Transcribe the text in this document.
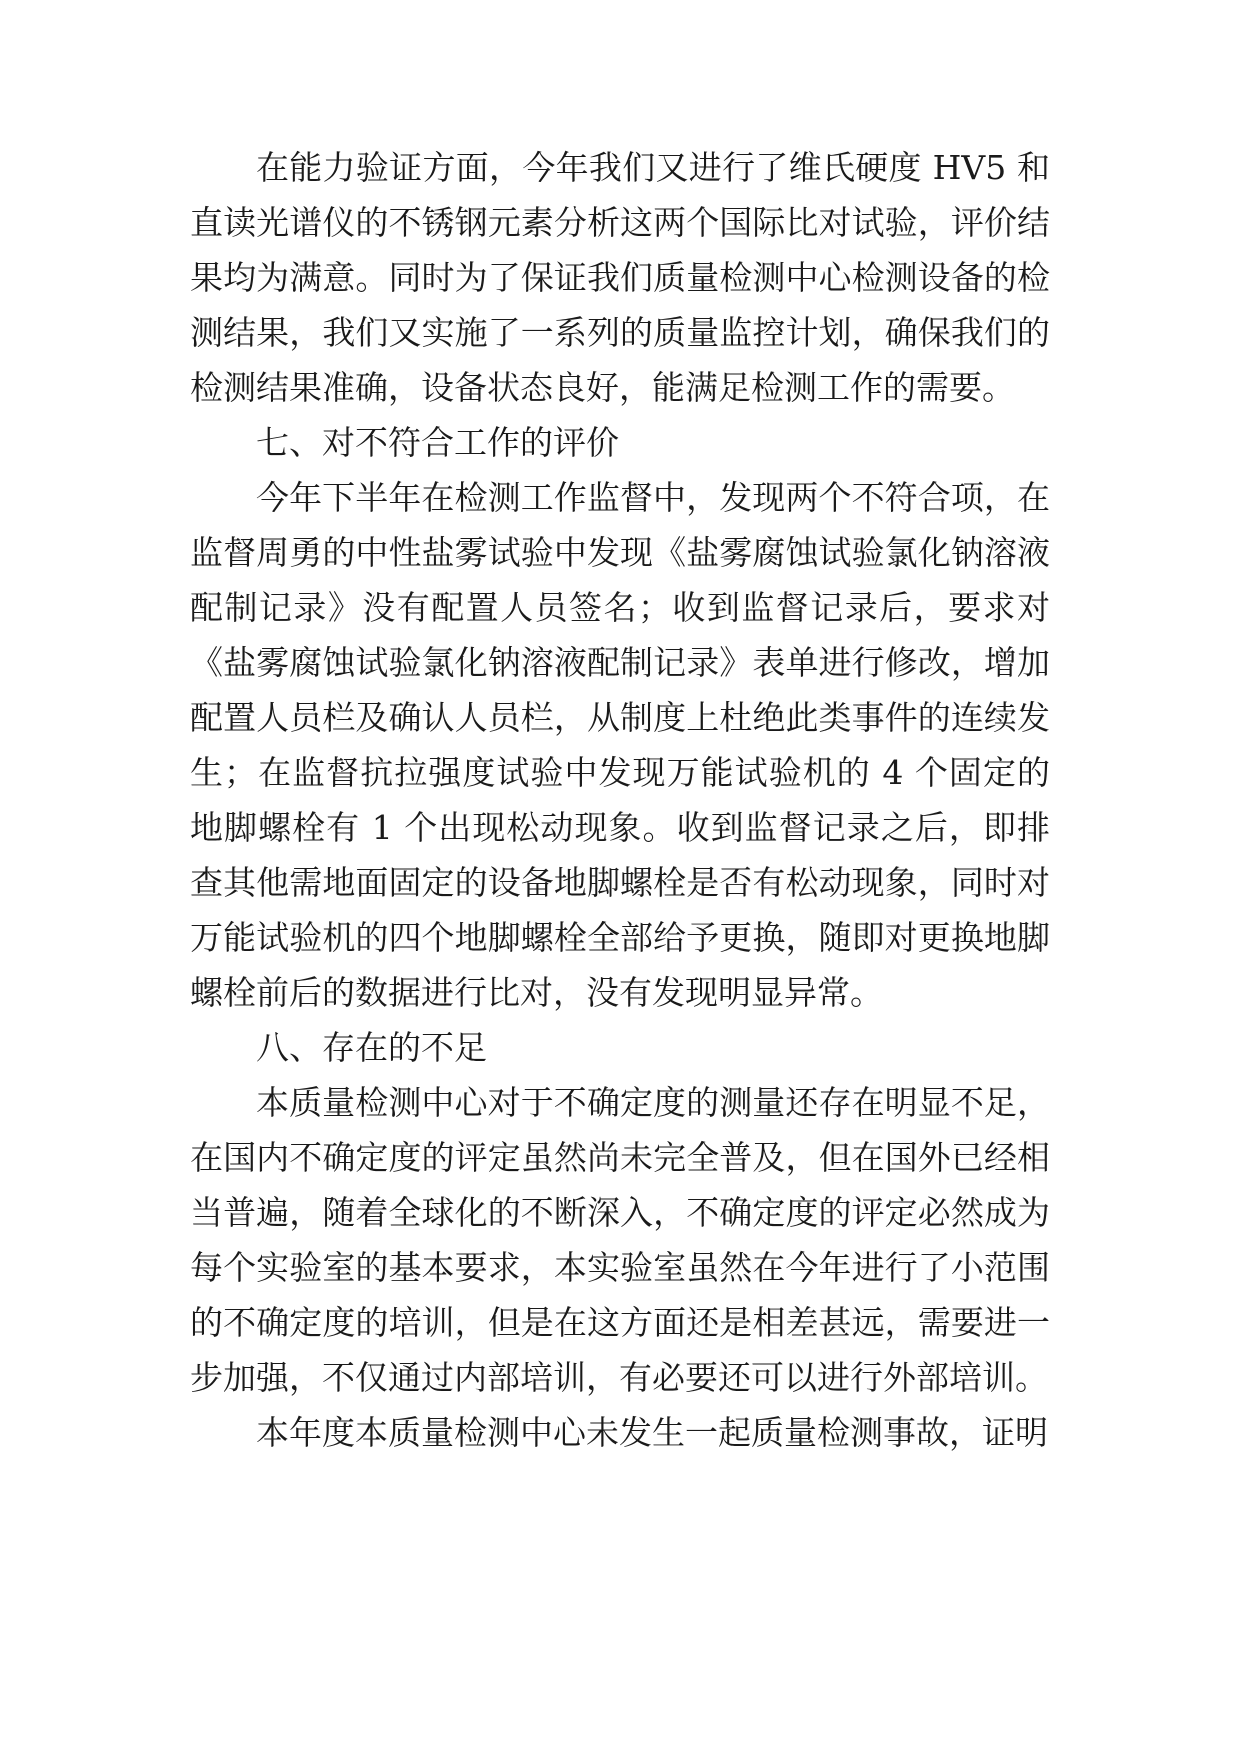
在能力验证方面，今年我们又进行了维氏硬度 HV5 和直读光谱仪的不锈钢元素分析这两个国际比对试验，评价结果均为满意。同时为了保证我们质量检测中心检测设备的检测结果，我们又实施了一系列的质量监控计划，确保我们的检测结果准确，设备状态良好，能满足检测工作的需要。

七、对不符合工作的评价

今年下半年在检测工作监督中，发现两个不符合项，在监督周勇的中性盐雾试验中发现《盐雾腐蚀试验氯化钠溶液配制记录》没有配置人员签名；收到监督记录后，要求对《盐雾腐蚀试验氯化钠溶液配制记录》表单进行修改，增加配置人员栏及确认人员栏，从制度上杜绝此类事件的连续发生；在监督抗拉强度试验中发现万能试验机的 4 个固定的地脚螺栓有 1 个出现松动现象。收到监督记录之后，即排查其他需地面固定的设备地脚螺栓是否有松动现象，同时对万能试验机的四个地脚螺栓全部给予更换，随即对更换地脚螺栓前后的数据进行比对，没有发现明显异常。

八、存在的不足

本质量检测中心对于不确定度的测量还存在明显不足，在国内不确定度的评定虽然尚未完全普及，但在国外已经相当普遍，随着全球化的不断深入，不确定度的评定必然成为每个实验室的基本要求，本实验室虽然在今年进行了小范围的不确定度的培训，但是在这方面还是相差甚远，需要进一步加强，不仅通过内部培训，有必要还可以进行外部培训。

本年度本质量检测中心未发生一起质量检测事故，证明
